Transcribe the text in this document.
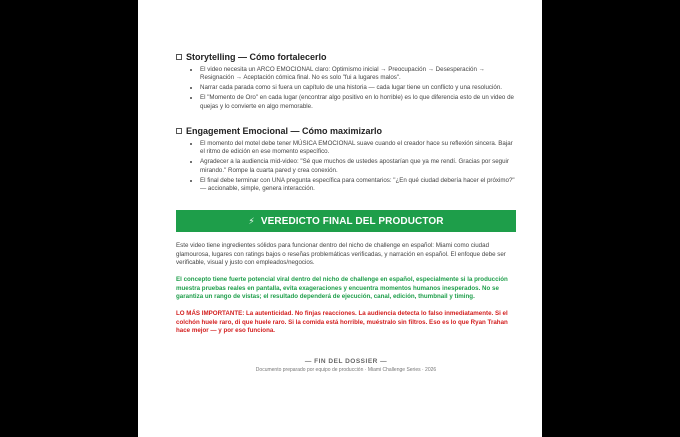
Storytelling — Cómo fortalecerlo
• El video necesita un ARCO EMOCIONAL claro: Optimismo inicial → Preocupación → Desesperación → Resignación → Aceptación cómica final. No es solo "fui a lugares malos".
• Narrar cada parada como si fuera un capítulo de una historia — cada lugar tiene un conflicto y una resolución.
• El "Momento de Oro" en cada lugar (encontrar algo positivo en lo horrible) es lo que diferencia esto de un video de quejas y lo convierte en algo memorable.
Engagement Emocional — Cómo maximizarlo
• El momento del motel debe tener MÚSICA EMOCIONAL suave cuando el creador hace su reflexión sincera. Bajar el ritmo de edición en ese momento específico.
• Agradecer a la audiencia mid-video: "Sé que muchos de ustedes apostarían que ya me rendí. Gracias por seguir mirando." Rompe la cuarta pared y crea conexión.
• El final debe terminar con UNA pregunta específica para comentarios: "¿En qué ciudad debería hacer el próximo?" — accionable, simple, genera interacción.
⚡ VEREDICTO FINAL DEL PRODUCTOR

Este video tiene ingredientes sólidos para funcionar dentro del nicho de challenge en español: Miami como ciudad glamourosa, lugares con ratings bajos o reseñas problemáticas verificadas, y narración en español. El enfoque debe ser verificable, visual y justo con empleados/negocios.

El concepto tiene fuerte potencial viral dentro del nicho de challenge en español, especialmente si la producción muestra pruebas reales en pantalla, evita exageraciones y encuentra momentos humanos inesperados. No se garantiza un rango de vistas; el resultado dependerá de ejecución, canal, edición, thumbnail y timing.

LO MÁS IMPORTANTE: La autenticidad. No finjas reacciones. La audiencia detecta lo falso inmediatamente. Si el colchón huele raro, di que huele raro. Si la comida está horrible, muéstralo sin filtros. Eso es lo que Ryan Trahan hace mejor — y por eso funciona.

— FIN DEL DOSSIER —
Documento preparado por equipo de producción · Miami Challenge Series · 2026
